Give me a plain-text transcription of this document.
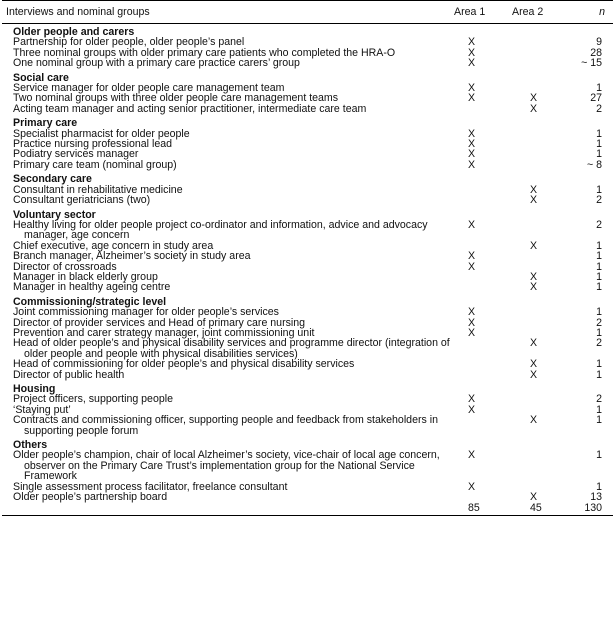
Interviews and nominal groups	Area 1	Area 2	n
Older people and carers			
Partnership for older people, older people’s panel	X		9
Three nominal groups with older primary care patients who completed the HRA-O	X		28
One nominal group with a primary care practice carers’ group	X		~ 15
Social care			
Service manager for older people care management team	X		1
Two nominal groups with three older people care management teams	X	X	27
Acting team manager and acting senior practitioner, intermediate care team		X	2
Primary care			
Specialist pharmacist for older people	X		1
Practice nursing professional lead	X		1
Podiatry services manager	X		1
Primary care team (nominal group)	X		~ 8
Secondary care			
Consultant in rehabilitative medicine		X	1
Consultant geriatricians (two)		X	2
Voluntary sector			
Healthy living for older people project co-ordinator and information, advice and advocacy manager, age concern	X		2
Chief executive, age concern in study area		X	1
Branch manager, Alzheimer’s society in study area	X		1
Director of crossroads	X		1
Manager in black elderly group		X	1
Manager in healthy ageing centre		X	1
Commissioning/strategic level			
Joint commissioning manager for older people’s services	X		1
Director of provider services and Head of primary care nursing	X		2
Prevention and carer strategy manager, joint commissioning unit	X		1
Head of older people’s and physical disability services and programme director (integration of older people and people with physical disabilities services)		X	2
Head of commissioning for older people’s and physical disability services		X	1
Director of public health		X	1
Housing			
Project officers, supporting people	X		2
‘Staying put’	X		1
Contracts and commissioning officer, supporting people and feedback from stakeholders in supporting people forum		X	1
Others			
Older people’s champion, chair of local Alzheimer’s society, vice-chair of local age concern, observer on the Primary Care Trust’s implementation group for the National Service Framework	X		1
Single assessment process facilitator, freelance consultant	X		1
Older people’s partnership board		X	13
	85	45	130
